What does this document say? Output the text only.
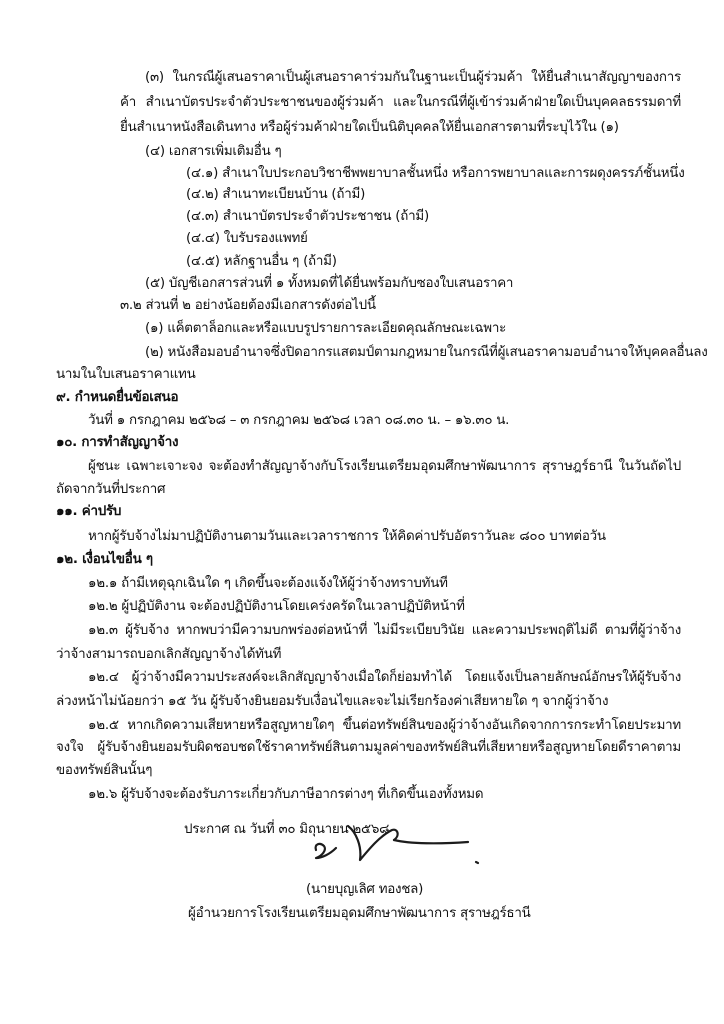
(๓) ในกรณีผู้เสนอราคาเป็นผู้เสนอราคาร่วมกันในฐานะเป็นผู้ร่วมค้า ให้ยื่นสำเนาสัญญาของการ
ค้า สำเนาบัตรประจำตัวประชาชนของผู้ร่วมค้า และในกรณีที่ผู้เข้าร่วมค้าฝ่ายใดเป็นบุคคลธรรมดาที่
ยื่นสำเนาหนังสือเดินทาง หรือผู้ร่วมค้าฝ่ายใดเป็นนิติบุคคลให้ยื่นเอกสารตามที่ระบุไว้ใน (๑)
(๔) เอกสารเพิ่มเติมอื่น ๆ
(๔.๑) สำเนาใบประกอบวิชาชีพพยาบาลชั้นหนึ่ง หรือการพยาบาลและการผดุงครรภ์ชั้นหนึ่ง
(๔.๒) สำเนาทะเบียนบ้าน (ถ้ามี)
(๔.๓) สำเนาบัตรประจำตัวประชาชน (ถ้ามี)
(๔.๔) ใบรับรองแพทย์
(๔.๕) หลักฐานอื่น ๆ (ถ้ามี)
(๕) บัญชีเอกสารส่วนที่ ๑ ทั้งหมดที่ได้ยื่นพร้อมกับซองใบเสนอราคา
๓.๒ ส่วนที่ ๒ อย่างน้อยต้องมีเอกสารดังต่อไปนี้
(๑) แค็ตตาล็อกและหรือแบบรูปรายการละเอียดคุณลักษณะเฉพาะ
(๒) หนังสือมอบอำนาจซึ่งปิดอากรแสตมป์ตามกฎหมายในกรณีที่ผู้เสนอราคามอบอำนาจให้บุคคลอื่นลง
นามในใบเสนอราคาแทน
๙. กำหนดยื่นข้อเสนอ
วันที่ ๑ กรกฎาคม ๒๕๖๘ – ๓ กรกฎาคม ๒๕๖๘ เวลา ๐๘.๓๐ น. – ๑๖.๓๐ น.
๑๐. การทำสัญญาจ้าง
ผู้ชนะ เฉพาะเจาะจง จะต้องทำสัญญาจ้างกับโรงเรียนเตรียมอุดมศึกษาพัฒนาการ สุราษฎร์ธานี ในวันถัดไป
ถัดจากวันที่ประกาศ
๑๑. ค่าปรับ
หากผู้รับจ้างไม่มาปฏิบัติงานตามวันและเวลาราชการ ให้คิดค่าปรับอัตราวันละ ๘๐๐ บาทต่อวัน
๑๒. เงื่อนไขอื่น ๆ
๑๒.๑ ถ้ามีเหตุฉุกเฉินใด ๆ เกิดขึ้นจะต้องแจ้งให้ผู้ว่าจ้างทราบทันที
๑๒.๒ ผู้ปฏิบัติงาน จะต้องปฏิบัติงานโดยเคร่งครัดในเวลาปฏิบัติหน้าที่
๑๒.๓ ผู้รับจ้าง หากพบว่ามีความบกพร่องต่อหน้าที่ ไม่มีระเบียบวินัย และความประพฤติไม่ดี ตามที่ผู้ว่าจ้าง
ว่าจ้างสามารถบอกเลิกสัญญาจ้างได้ทันที
๑๒.๔ ผู้ว่าจ้างมีความประสงค์จะเลิกสัญญาจ้างเมื่อใดก็ย่อมทำได้ โดยแจ้งเป็นลายลักษณ์อักษรให้ผู้รับจ้าง
ล่วงหน้าไม่น้อยกว่า ๑๕ วัน ผู้รับจ้างยินยอมรับเงื่อนไขและจะไม่เรียกร้องค่าเสียหายใด ๆ จากผู้ว่าจ้าง
๑๒.๕ หากเกิดความเสียหายหรือสูญหายใดๆ ขึ้นต่อทรัพย์สินของผู้ว่าจ้างอันเกิดจากการกระทำโดยประมาท
จงใจ ผู้รับจ้างยินยอมรับผิดชอบชดใช้ราคาทรัพย์สินตามมูลค่าของทรัพย์สินที่เสียหายหรือสูญหายโดยดีราคาตาม
ของทรัพย์สินนั้นๆ
๑๒.๖ ผู้รับจ้างจะต้องรับภาระเกี่ยวกับภาษีอากรต่างๆ ที่เกิดขึ้นเองทั้งหมด
ประกาศ ณ วันที่ ๓๐ มิถุนายน ๒๕๖๘
(นายบุญเลิศ ทองชล)
ผู้อำนวยการโรงเรียนเตรียมอุดมศึกษาพัฒนาการ สุราษฎร์ธานี
